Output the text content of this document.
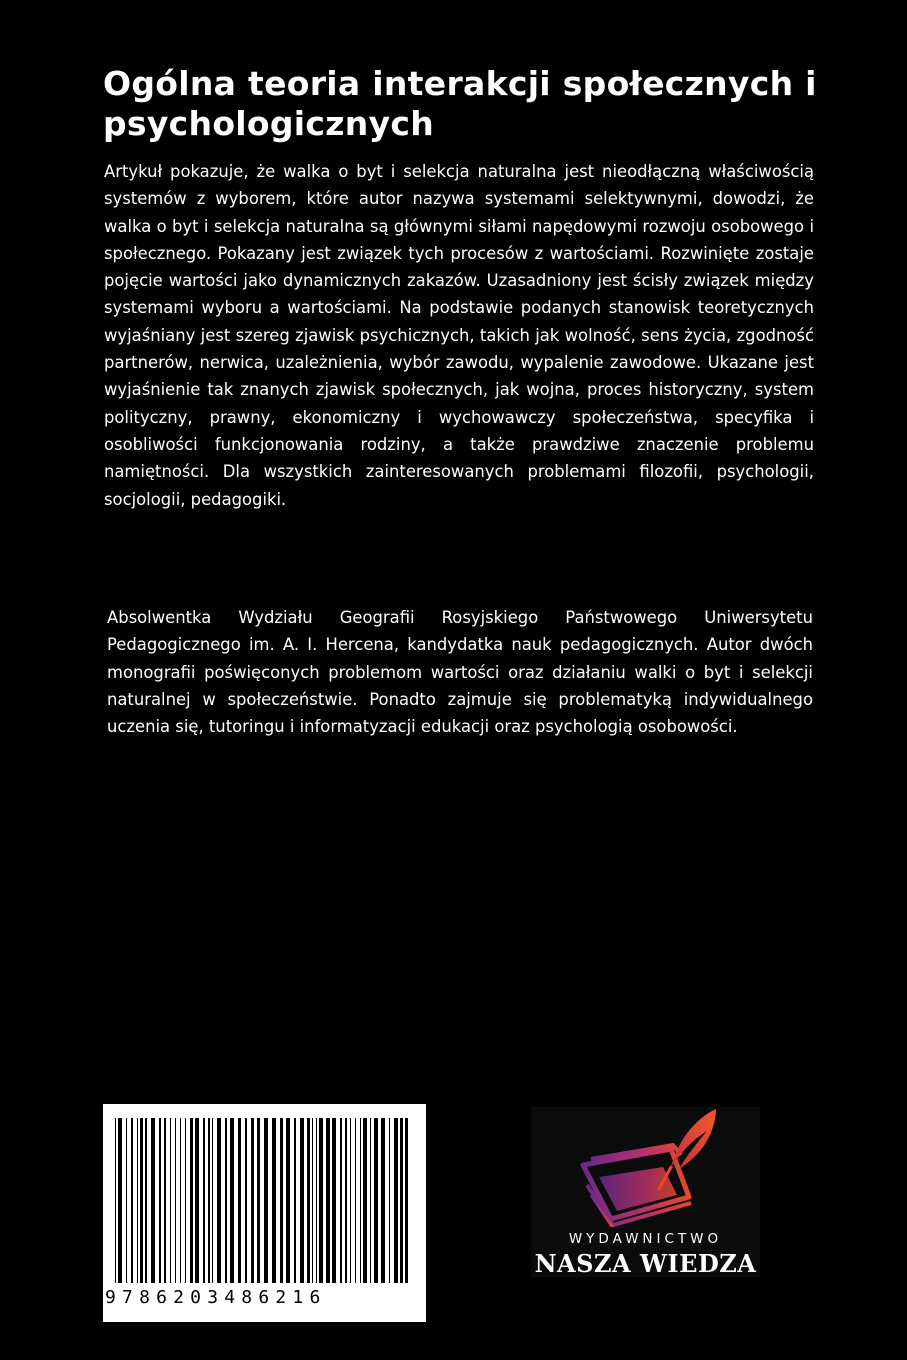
Ogólna teoria interakcji społecznych i psychologicznych

Artykuł pokazuje, że walka o byt i selekcja naturalna jest nieodłączną właściwością systemów z wyborem, które autor nazywa systemami selektywnymi, dowodzi, że walka o byt i selekcja naturalna są głównymi siłami napędowymi rozwoju osobowego i społecznego. Pokazany jest związek tych procesów z wartościami. Rozwinięte zostaje pojęcie wartości jako dynamicznych zakazów. Uzasadniony jest ścisły związek między systemami wyboru a wartościami. Na podstawie podanych stanowisk teoretycznych wyjaśniany jest szereg zjawisk psychicznych, takich jak wolność, sens życia, zgodność partnerów, nerwica, uzależnienia, wybór zawodu, wypalenie zawodowe. Ukazane jest wyjaśnienie tak znanych zjawisk społecznych, jak wojna, proces historyczny, system polityczny, prawny, ekonomiczny i wychowawczy społeczeństwa, specyfika i osobliwości funkcjonowania rodziny, a także prawdziwe znaczenie problemu namiętności. Dla wszystkich zainteresowanych problemami filozofii, psychologii, socjologii, pedagogiki.

Absolwentka Wydziału Geografii Rosyjskiego Państwowego Uniwersytetu Pedagogicznego im. A. I. Hercena, kandydatka nauk pedagogicznych. Autor dwóch monografii poświęconych problemom wartości oraz działaniu walki o byt i selekcji naturalnej w społeczeństwie. Ponadto zajmuje się problematyką indywidualnego uczenia się, tutoringu i informatyzacji edukacji oraz psychologią osobowości.

9786203486216
WYDAWNICTWO
NASZA WIEDZA
